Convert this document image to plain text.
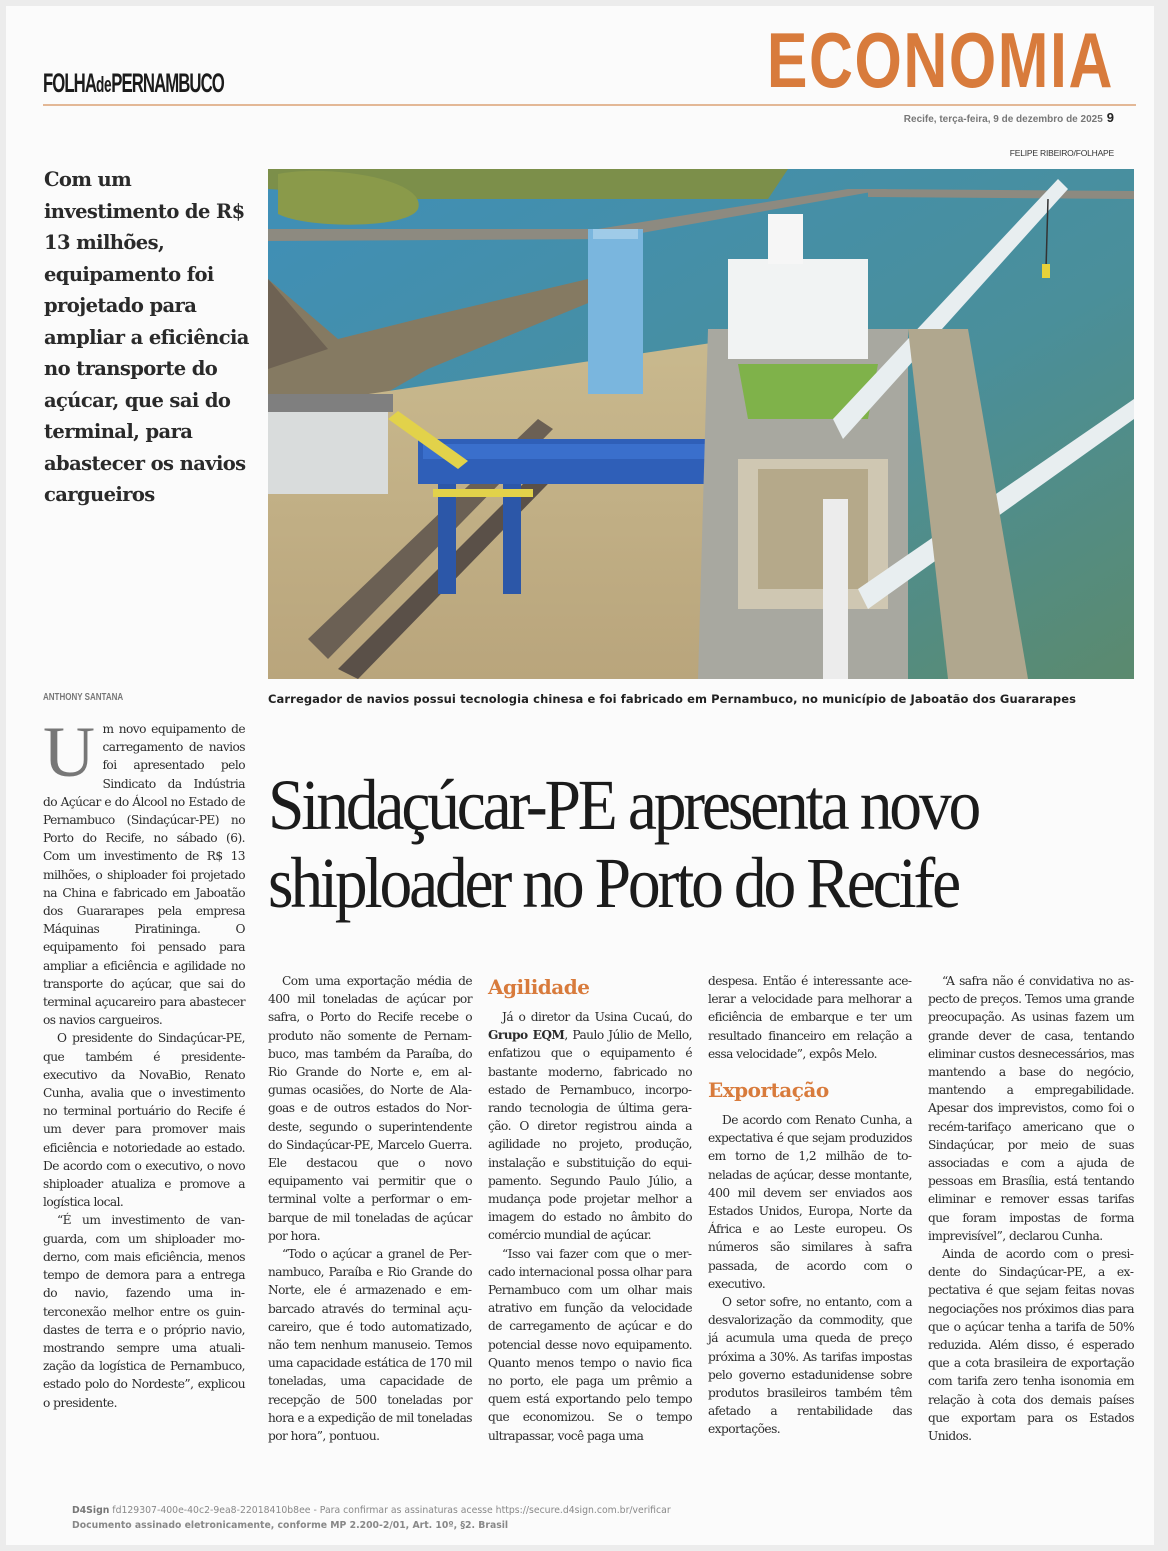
FOLHAdePERNAMBUCO	ECONOMIA
Recife, terça-feira, 9 de dezembro de 2025 9
FELIPE RIBEIRO/FOLHAPE
Com um investimento de R$ 13 milhões, equipamento foi projetado para ampliar a eficiência no transporte do açúcar, que sai do terminal, para abastecer os navios cargueiros
ANTHONY SANTANA	Carregador de navios possui tecnologia chinesa e foi fabricado em Pernambuco, no município de Jaboatão dos Guararapes
Sindaçúcar-PE apresenta novo
shiploader no Porto do Recife
U m novo equipamento de carregamento de navios foi apresentado pelo Sindicato da Indústria do Açúcar e do Álcool no Estado de Pernambuco (Sindaçúcar-PE) no Porto do Recife, no sábado (6). Com um investimento de R$ 13 milhões, o shiploader foi projetado na China e fabricado em Jaboatão dos Guararapes pela empresa Máquinas Piratininga. O equipamento foi pensado para ampliar a eficiência e agilidade no transporte do açúcar, que sai do terminal açucareiro para abastecer os navios cargueiros.

O presidente do Sindaçúcar-PE, que também é presidente-executivo da NovaBio, Renato Cunha, avalia que o investimento no terminal portuário do Recife é um dever para promover mais eficiência e notoriedade ao estado. De acordo com o executivo, o novo shiploader atualiza e promove a logística local.

“É um investimento de vanguarda, com um shiploader moderno, com mais eficiência, menos tempo de demora para a entrega do navio, fazendo uma interconexão melhor entre os guindastes de terra e o próprio navio, mostrando sempre uma atualização da logística de Pernambuco, estado polo do Nordeste”, explicou o presidente.

Com uma exportação média de 400 mil toneladas de açúcar por safra, o Porto do Recife recebe o produto não somente de Pernambuco, mas também da Paraíba, do Rio Grande do Norte e, em algumas ocasiões, do Norte de Alagoas e de outros estados do Nordeste, segundo o superintendente do Sindaçúcar-PE, Marcelo Guerra. Ele destacou que o novo equipamento vai permitir que o terminal volte a performar o embarque de mil toneladas de açúcar por hora.

“Todo o açúcar a granel de Pernambuco, Paraíba e Rio Grande do Norte, ele é armazenado e embarcado através do terminal açucareiro, que é todo automatizado, não tem nenhum manuseio. Temos uma capacidade estática de 170 mil toneladas, uma capacidade de recepção de 500 toneladas por hora e a expedição de mil toneladas por hora”, pontuou.

Agilidade

Já o diretor da Usina Cucaú, do Grupo EQM, Paulo Júlio de Mello, enfatizou que o equipamento é bastante moderno, fabricado no estado de Pernambuco, incorporando tecnologia de última geração. O diretor registrou ainda a agilidade no projeto, produção, instalação e substituição do equipamento. Segundo Paulo Júlio, a mudança pode projetar melhor a imagem do estado no âmbito do comércio mundial de açúcar.

“Isso vai fazer com que o mercado internacional possa olhar para Pernambuco com um olhar mais atrativo em função da velocidade de carregamento de açúcar e do potencial desse novo equipamento. Quanto menos tempo o navio fica no porto, ele paga um prêmio a quem está exportando pelo tempo que economizou. Se o tempo ultrapassar, você paga uma

despesa. Então é interessante acelerar a velocidade para melhorar a eficiência de embarque e ter um resultado financeiro em relação a essa velocidade”, expôs Melo.

Exportação

De acordo com Renato Cunha, a expectativa é que sejam produzidos em torno de 1,2 milhão de toneladas de açúcar, desse montante, 400 mil devem ser enviados aos Estados Unidos, Europa, Norte da África e ao Leste europeu. Os números são similares à safra passada, de acordo com o executivo.

O setor sofre, no entanto, com a desvalorização da commodity, que já acumula uma queda de preço próxima a 30%. As tarifas impostas pelo governo estadunidense sobre produtos brasileiros também têm afetado a rentabilidade das exportações.

“A safra não é convidativa no aspecto de preços. Temos uma grande preocupação. As usinas fazem um grande dever de casa, tentando eliminar custos desnecessários, mas mantendo a base do negócio, mantendo a empregabilidade. Apesar dos imprevistos, como foi o recém-tarifaço americano que o Sindaçúcar, por meio de suas associadas e com a ajuda de pessoas em Brasília, está tentando eliminar e remover essas tarifas que foram impostas de forma imprevisível”, declarou Cunha.

Ainda de acordo com o presidente do Sindaçúcar-PE, a expectativa é que sejam feitas novas negociações nos próximos dias para que o açúcar tenha a tarifa de 50% reduzida. Além disso, é esperado que a cota brasileira de exportação com tarifa zero tenha isonomia em relação à cota dos demais países que exportam para os Estados Unidos.

D4Sign fd129307-400e-40c2-9ea8-22018410b8ee - Para confirmar as assinaturas acesse https://secure.d4sign.com.br/verificar
Documento assinado eletronicamente, conforme MP 2.200-2/01, Art. 10º, §2. Brasil
